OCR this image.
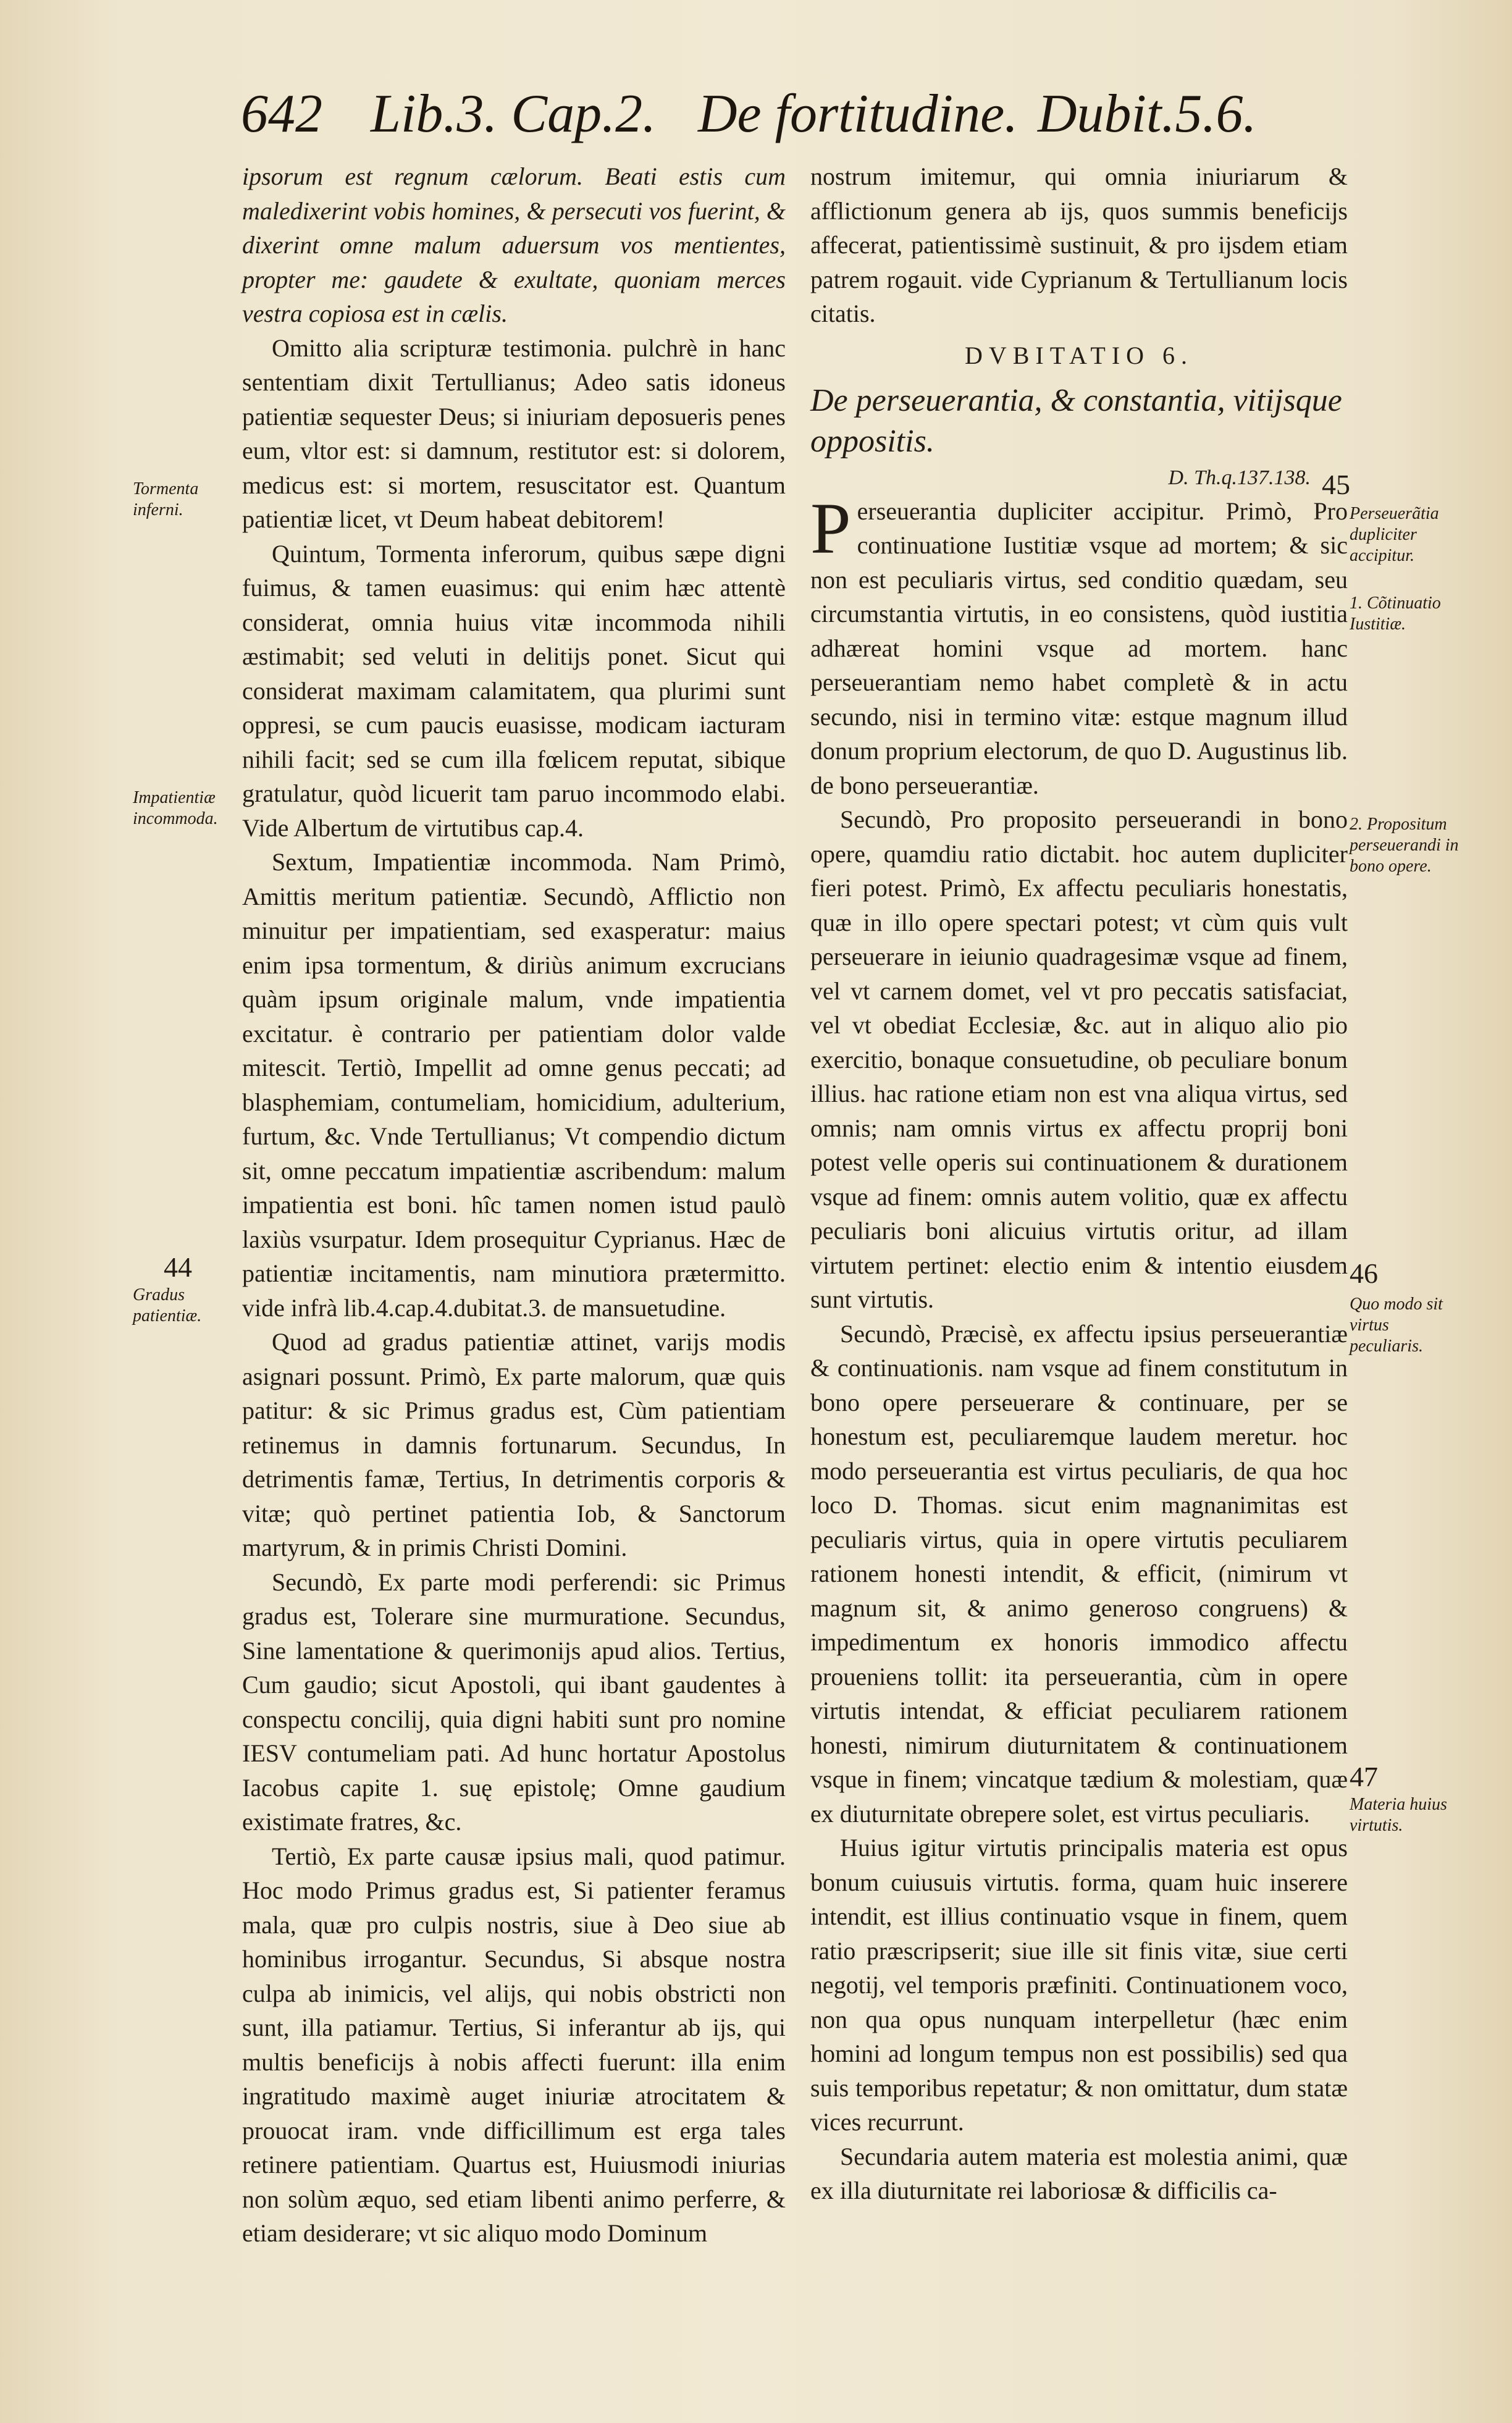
642 Lib.3. Cap.2. De fortitudine. Dubit.5.6.

ipsorum est regnum cælorum. Beati estis cum maledixerint vobis homines, & persecuti vos fuerint, & dixerint omne malum aduersum vos mentientes, propter me: gaudete & exultate, quoniam merces vestra copiosa est in cælis.

Omitto alia scripturæ testimonia. pulchrè in hanc sententiam dixit Tertullianus; Adeo satis idoneus patientiæ sequester Deus; si iniuriam deposueris penes eum, vltor est: si damnum, restitutor est: si dolorem, medicus est: si mortem, resuscitator est. Quantum patientiæ licet, vt Deum habeat debitorem!

Quintum, Tormenta inferorum, quibus sæpe digni fuimus, & tamen euasimus: qui enim hæc attentè considerat, omnia huius vitæ incommoda nihili æstimabit; sed veluti in delitijs ponet. Sicut qui considerat maximam calamitatem, qua plurimi sunt oppresi, se cum paucis euasisse, modicam iacturam nihili facit; sed se cum illa fœlicem reputat, sibique gratulatur, quòd licuerit tam paruo incommodo elabi. Vide Albertum de virtutibus cap.4.

Sextum, Impatientiæ incommoda. Nam Primò, Amittis meritum patientiæ. Secundò, Afflictio non minuitur per impatientiam, sed exasperatur: maius enim ipsa tormentum, & diriùs animum excrucians quàm ipsum originale malum, vnde impatientia excitatur. è contrario per patientiam dolor valde mitescit. Tertiò, Impellit ad omne genus peccati; ad blasphemiam, contumeliam, homicidium, adulterium, furtum, &c. Vnde Tertullianus; Vt compendio dictum sit, omne peccatum impatientiæ ascribendum: malum impatientia est boni. hîc tamen nomen istud paulò laxiùs vsurpatur. Idem prosequitur Cyprianus. Hæc de patientiæ incitamentis, nam minutiora prætermitto. vide infrà lib.4.cap.4.dubitat.3. de mansuetudine.

Quod ad gradus patientiæ attinet, varijs modis asignari possunt. Primò, Ex parte malorum, quæ quis patitur: & sic Primus gradus est, Cùm patientiam retinemus in damnis fortunarum. Secundus, In detrimentis famæ, Tertius, In detrimentis corporis & vitæ; quò pertinet patientia Iob, & Sanctorum martyrum, & in primis Christi Domini.

Secundò, Ex parte modi perferendi: sic Primus gradus est, Tolerare sine murmuratione. Secundus, Sine lamentatione & querimonijs apud alios. Tertius, Cum gaudio; sicut Apostoli, qui ibant gaudentes à conspectu concilij, quia digni habiti sunt pro nomine IESV contumeliam pati. Ad hunc hortatur Apostolus Iacobus capite 1. suę epistolę; Omne gaudium existimate fratres, &c.

Tertiò, Ex parte causæ ipsius mali, quod patimur. Hoc modo Primus gradus est, Si patienter feramus mala, quæ pro culpis nostris, siue à Deo siue ab hominibus irrogantur. Secundus, Si absque nostra culpa ab inimicis, vel alijs, qui nobis obstricti non sunt, illa patiamur. Tertius, Si inferantur ab ijs, qui multis beneficijs à nobis affecti fuerunt: illa enim ingratitudo maximè auget iniuriæ atrocitatem & prouocat iram. vnde difficillimum est erga tales retinere patientiam. Quartus est, Huiusmodi iniurias non solùm æquo, sed etiam libenti animo perferre, & etiam desiderare; vt sic aliquo modo Dominum

nostrum imitemur, qui omnia iniuriarum & afflictionum genera ab ijs, quos summis beneficijs affecerat, patientissimè sustinuit, & pro ijsdem etiam patrem rogauit. vide Cyprianum & Tertullianum locis citatis.

DVBITATIO 6.
De perseuerantia, & constantia, vitijsque oppositis.
D. Th.q.137.138.

Perseuerantia dupliciter accipitur. Primò, Pro continuatione Iustitiæ vsque ad mortem; & sic non est peculiaris virtus, sed conditio quædam, seu circumstantia virtutis, in eo consistens, quòd iustitia adhæreat homini vsque ad mortem. hanc perseuerantiam nemo habet completè & in actu secundo, nisi in termino vitæ: estque magnum illud donum proprium electorum, de quo D. Augustinus lib. de bono perseuerantiæ.

Secundò, Pro proposito perseuerandi in bono opere, quamdiu ratio dictabit. hoc autem dupliciter fieri potest. Primò, Ex affectu peculiaris honestatis, quæ in illo opere spectari potest; vt cùm quis vult perseuerare in ieiunio quadragesimæ vsque ad finem, vel vt carnem domet, vel vt pro peccatis satisfaciat, vel vt obediat Ecclesiæ, &c. aut in aliquo alio pio exercitio, bonaque consuetudine, ob peculiare bonum illius. hac ratione etiam non est vna aliqua virtus, sed omnis; nam omnis virtus ex affectu proprij boni potest velle operis sui continuationem & durationem vsque ad finem: omnis autem volitio, quæ ex affectu peculiaris boni alicuius virtutis oritur, ad illam virtutem pertinet: electio enim & intentio eiusdem sunt virtutis.

Secundò, Præcisè, ex affectu ipsius perseuerantiæ & continuationis. nam vsque ad finem constitutum in bono opere perseuerare & continuare, per se honestum est, peculiaremque laudem meretur. hoc modo perseuerantia est virtus peculiaris, de qua hoc loco D. Thomas. sicut enim magnanimitas est peculiaris virtus, quia in opere virtutis peculiarem rationem honesti intendit, & efficit, (nimirum vt magnum sit, & animo generoso congruens) & impedimentum ex honoris immodico affectu proueniens tollit: ita perseuerantia, cùm in opere virtutis intendat, & efficiat peculiarem rationem honesti, nimirum diuturnitatem & continuationem vsque in finem; vincatque tædium & molestiam, quæ ex diuturnitate obrepere solet, est virtus peculiaris.

Huius igitur virtutis principalis materia est opus bonum cuiusuis virtutis. forma, quam huic inserere intendit, est illius continuatio vsque in finem, quem ratio præscripserit; siue ille sit finis vitæ, siue certi negotij, vel temporis præfiniti. Continuationem voco, non qua opus nunquam interpelletur (hæc enim homini ad longum tempus non est possibilis) sed qua suis temporibus repetatur; & non omittatur, dum statæ vices recurrunt.

Secundaria autem materia est molestia animi, quæ ex illa diuturnitate rei laboriosæ & difficilis ca-

Tormenta inferni.
Impatientiæ incommoda.
44
Gradus patientiæ.
45
Perseuerãtia dupliciter accipitur.
1. Cõtinuatio Iustitiæ.
2. Propositum perseuerandi in bono opere.
46
Quo modo sit virtus peculiaris.
47
Materia huius virtutis.
